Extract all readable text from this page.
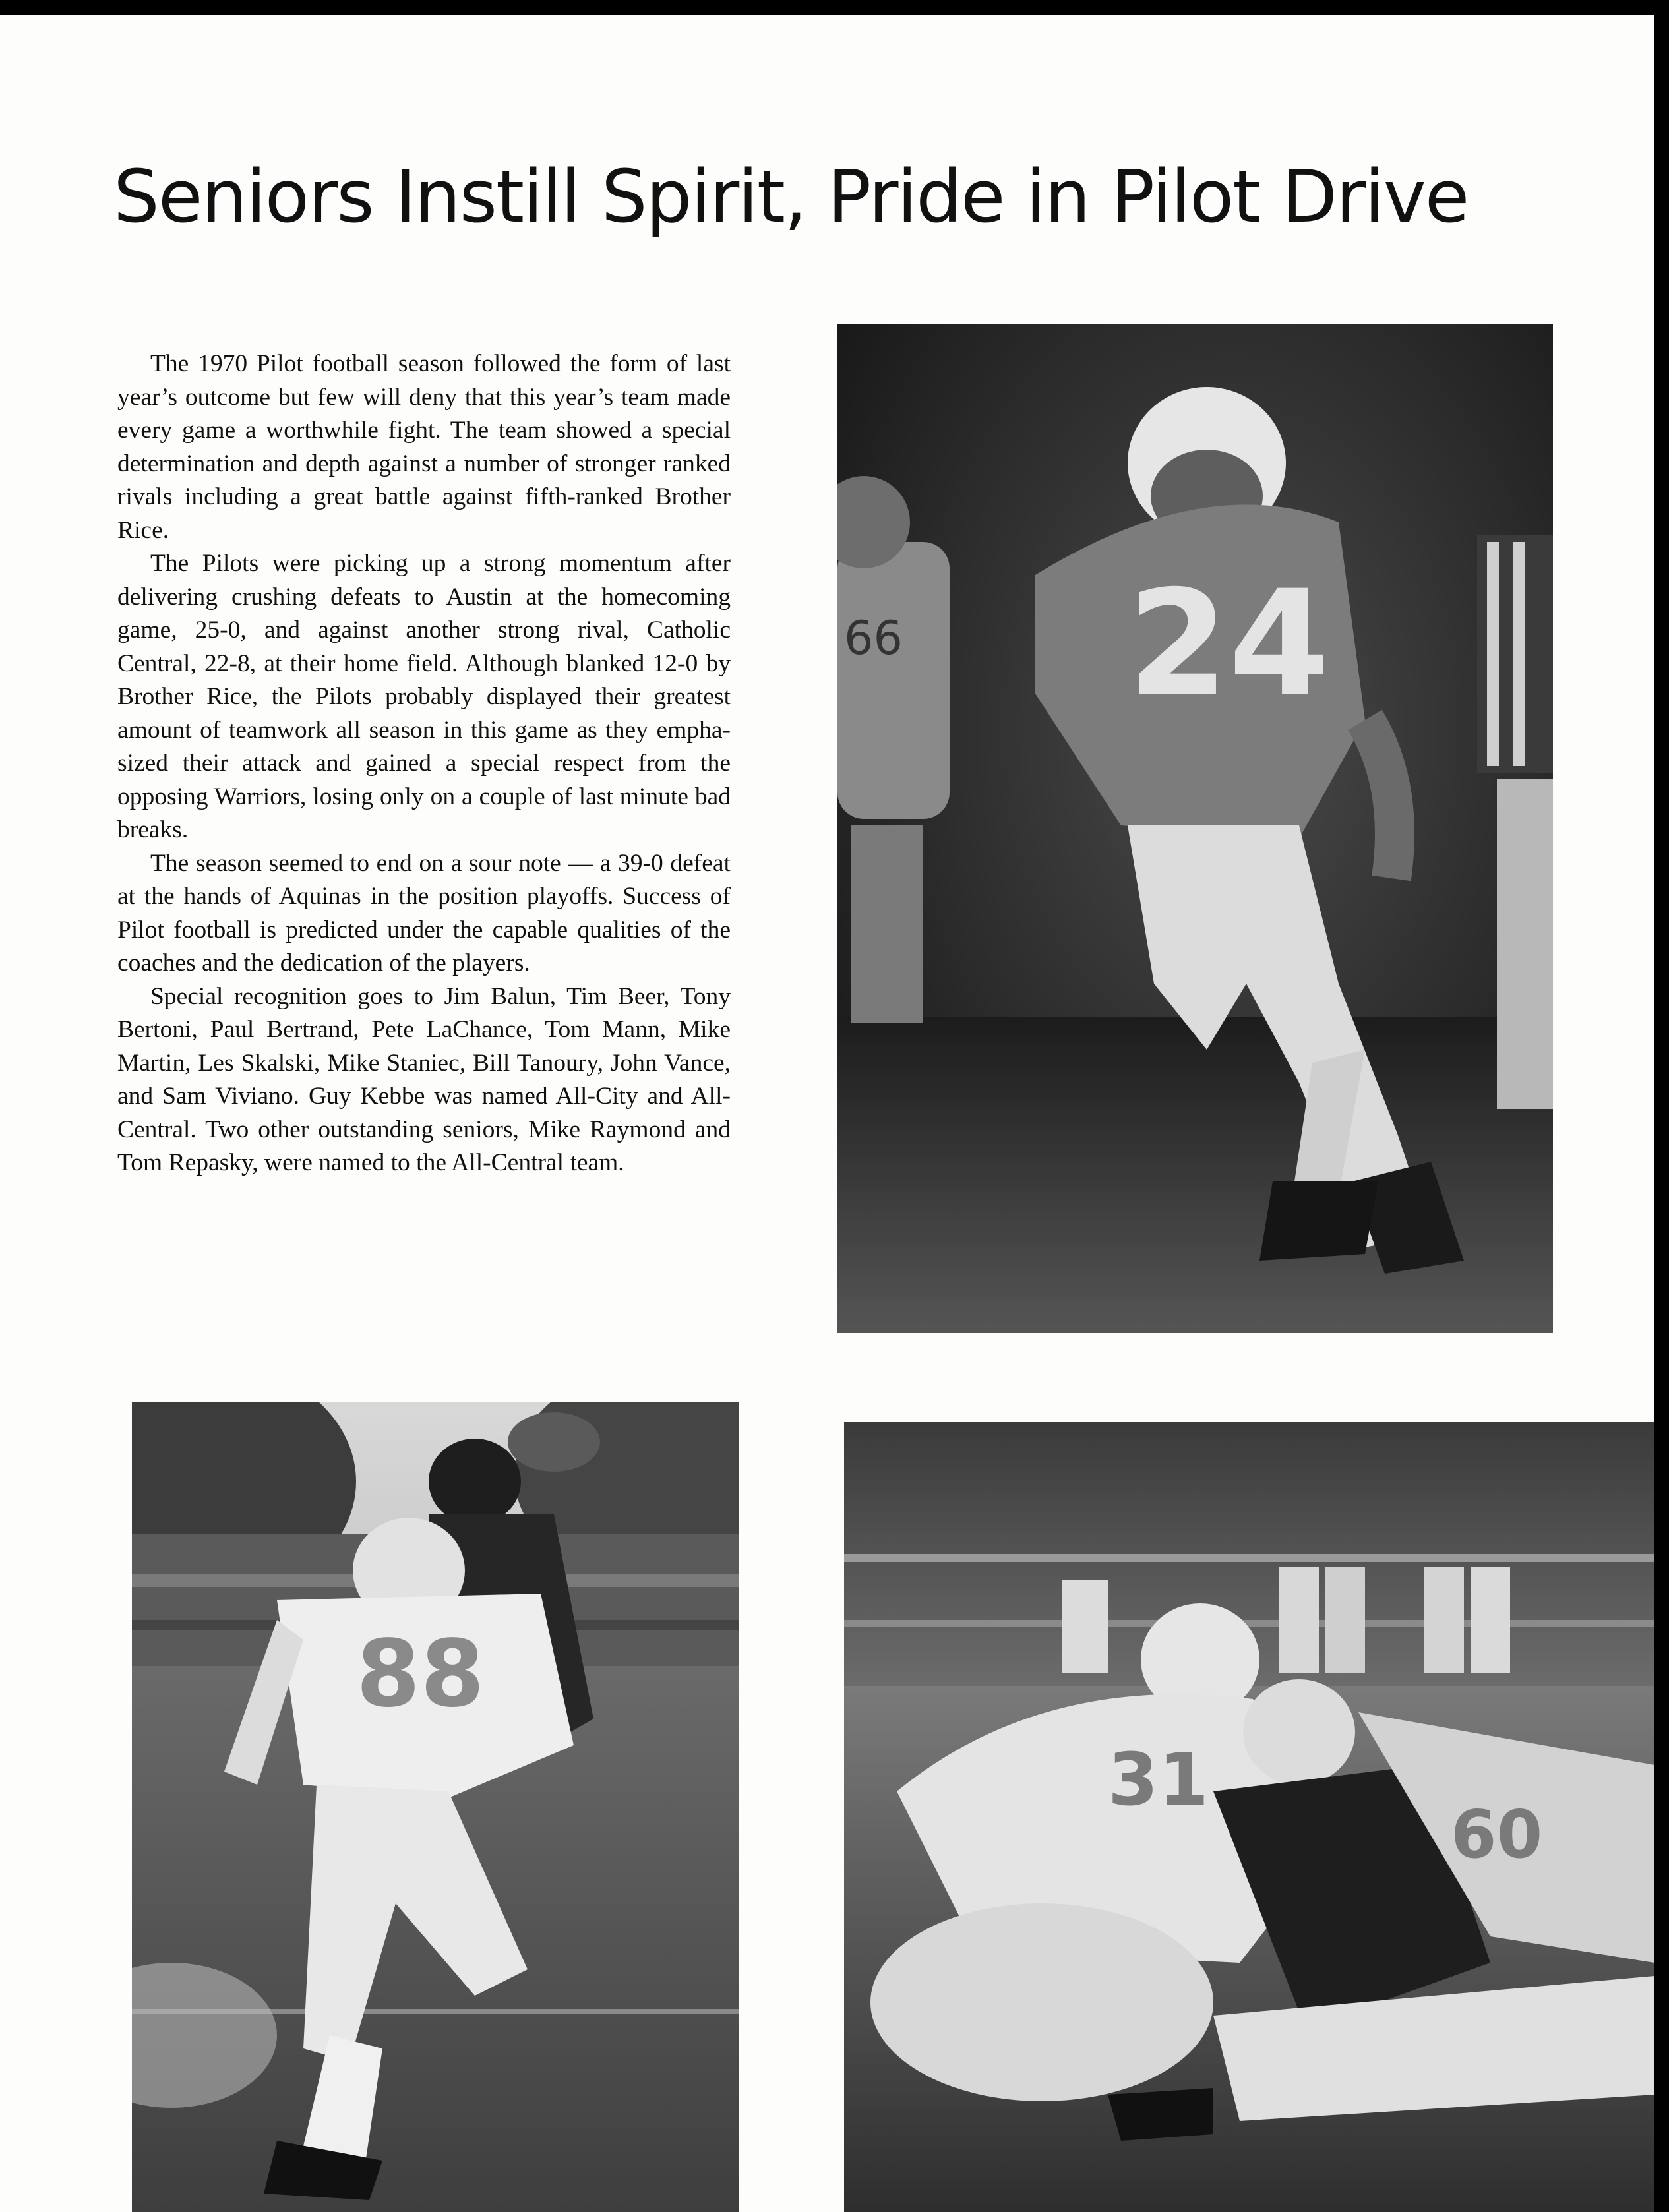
Seniors Instill Spirit, Pride in Pilot Drive

The 1970 Pilot football season followed the form of last year’s outcome but few will deny that this year’s team made every game a worthwhile fight. The team showed a special determination and depth against a number of stronger ranked rivals including a great battle against fifth-ranked Brother Rice.

The Pilots were picking up a strong momentum after delivering crushing defeats to Austin at the homecoming game, 25-0, and against another strong rival, Catholic Central, 22-8, at their home field. Although blanked 12-0 by Brother Rice, the Pilots probably displayed their greatest amount of teamwork all season in this game as they emphasized their attack and gained a special respect from the opposing Warriors, losing only on a couple of last minute bad breaks.

The season seemed to end on a sour note — a 39-0 defeat at the hands of Aquinas in the position playoffs. Success of Pilot football is predicted under the capable qualities of the coaches and the dedication of the players.

Special recognition goes to Jim Balun, Tim Beer, Tony Bertoni, Paul Bertrand, Pete LaChance, Tom Mann, Mike Martin, Les Skalski, Mike Staniec, Bill Tanoury, John Vance, and Sam Viviano. Guy Kebbe was named All-City and All-Central. Two other outstanding seniors, Mike Raymond and Tom Repasky, were named to the All-Central team.

66 24
88
31
60
